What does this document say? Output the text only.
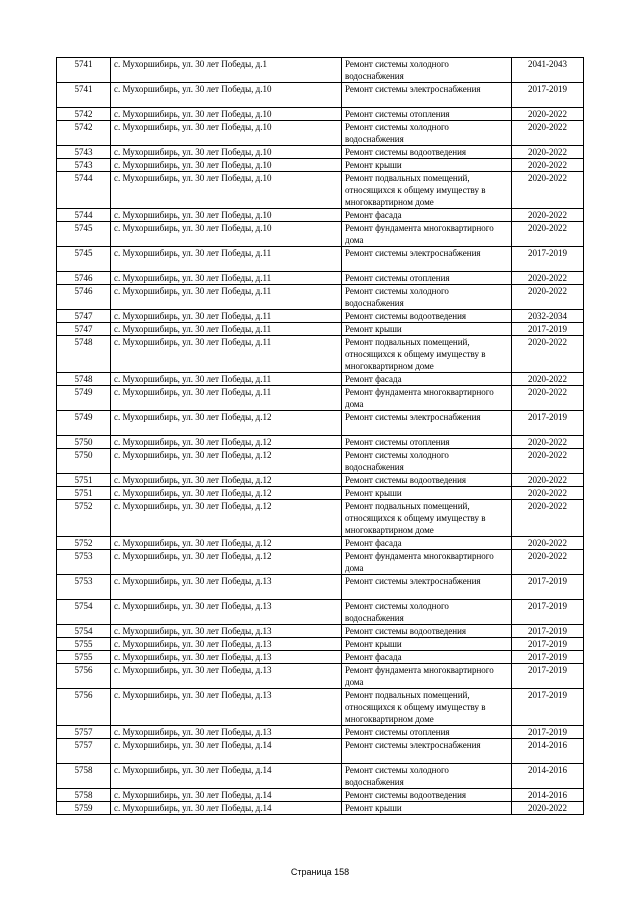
5741	с. Мухоршибирь, ул. 30 лет Победы, д.1	Ремонт системы холодного водоснабжения	2041-2043
5741	с. Мухоршибирь, ул. 30 лет Победы, д.10	Ремонт системы электроснабжения	2017-2019
5742	с. Мухоршибирь, ул. 30 лет Победы, д.10	Ремонт системы отопления	2020-2022
5742	с. Мухоршибирь, ул. 30 лет Победы, д.10	Ремонт системы холодного водоснабжения	2020-2022
5743	с. Мухоршибирь, ул. 30 лет Победы, д.10	Ремонт системы водоотведения	2020-2022
5743	с. Мухоршибирь, ул. 30 лет Победы, д.10	Ремонт крыши	2020-2022
5744	с. Мухоршибирь, ул. 30 лет Победы, д.10	Ремонт подвальных помещений, относящихся к общему имуществу в многоквартирном доме	2020-2022
5744	с. Мухоршибирь, ул. 30 лет Победы, д.10	Ремонт фасада	2020-2022
5745	с. Мухоршибирь, ул. 30 лет Победы, д.10	Ремонт фундамента многоквартирного дома	2020-2022
5745	с. Мухоршибирь, ул. 30 лет Победы, д.11	Ремонт системы электроснабжения	2017-2019
5746	с. Мухоршибирь, ул. 30 лет Победы, д.11	Ремонт системы отопления	2020-2022
5746	с. Мухоршибирь, ул. 30 лет Победы, д.11	Ремонт системы холодного водоснабжения	2020-2022
5747	с. Мухоршибирь, ул. 30 лет Победы, д.11	Ремонт системы водоотведения	2032-2034
5747	с. Мухоршибирь, ул. 30 лет Победы, д.11	Ремонт крыши	2017-2019
5748	с. Мухоршибирь, ул. 30 лет Победы, д.11	Ремонт подвальных помещений, относящихся к общему имуществу в многоквартирном доме	2020-2022
5748	с. Мухоршибирь, ул. 30 лет Победы, д.11	Ремонт фасада	2020-2022
5749	с. Мухоршибирь, ул. 30 лет Победы, д.11	Ремонт фундамента многоквартирного дома	2020-2022
5749	с. Мухоршибирь, ул. 30 лет Победы, д.12	Ремонт системы электроснабжения	2017-2019
5750	с. Мухоршибирь, ул. 30 лет Победы, д.12	Ремонт системы отопления	2020-2022
5750	с. Мухоршибирь, ул. 30 лет Победы, д.12	Ремонт системы холодного водоснабжения	2020-2022
5751	с. Мухоршибирь, ул. 30 лет Победы, д.12	Ремонт системы водоотведения	2020-2022
5751	с. Мухоршибирь, ул. 30 лет Победы, д.12	Ремонт крыши	2020-2022
5752	с. Мухоршибирь, ул. 30 лет Победы, д.12	Ремонт подвальных помещений, относящихся к общему имуществу в многоквартирном доме	2020-2022
5752	с. Мухоршибирь, ул. 30 лет Победы, д.12	Ремонт фасада	2020-2022
5753	с. Мухоршибирь, ул. 30 лет Победы, д.12	Ремонт фундамента многоквартирного дома	2020-2022
5753	с. Мухоршибирь, ул. 30 лет Победы, д.13	Ремонт системы электроснабжения	2017-2019
5754	с. Мухоршибирь, ул. 30 лет Победы, д.13	Ремонт системы холодного водоснабжения	2017-2019
5754	с. Мухоршибирь, ул. 30 лет Победы, д.13	Ремонт системы водоотведения	2017-2019
5755	с. Мухоршибирь, ул. 30 лет Победы, д.13	Ремонт крыши	2017-2019
5755	с. Мухоршибирь, ул. 30 лет Победы, д.13	Ремонт фасада	2017-2019
5756	с. Мухоршибирь, ул. 30 лет Победы, д.13	Ремонт фундамента многоквартирного дома	2017-2019
5756	с. Мухоршибирь, ул. 30 лет Победы, д.13	Ремонт подвальных помещений, относящихся к общему имуществу в многоквартирном доме	2017-2019
5757	с. Мухоршибирь, ул. 30 лет Победы, д.13	Ремонт системы отопления	2017-2019
5757	с. Мухоршибирь, ул. 30 лет Победы, д.14	Ремонт системы электроснабжения	2014-2016
5758	с. Мухоршибирь, ул. 30 лет Победы, д.14	Ремонт системы холодного водоснабжения	2014-2016
5758	с. Мухоршибирь, ул. 30 лет Победы, д.14	Ремонт системы водоотведения	2014-2016
5759	с. Мухоршибирь, ул. 30 лет Победы, д.14	Ремонт крыши	2020-2022
Страница 158
